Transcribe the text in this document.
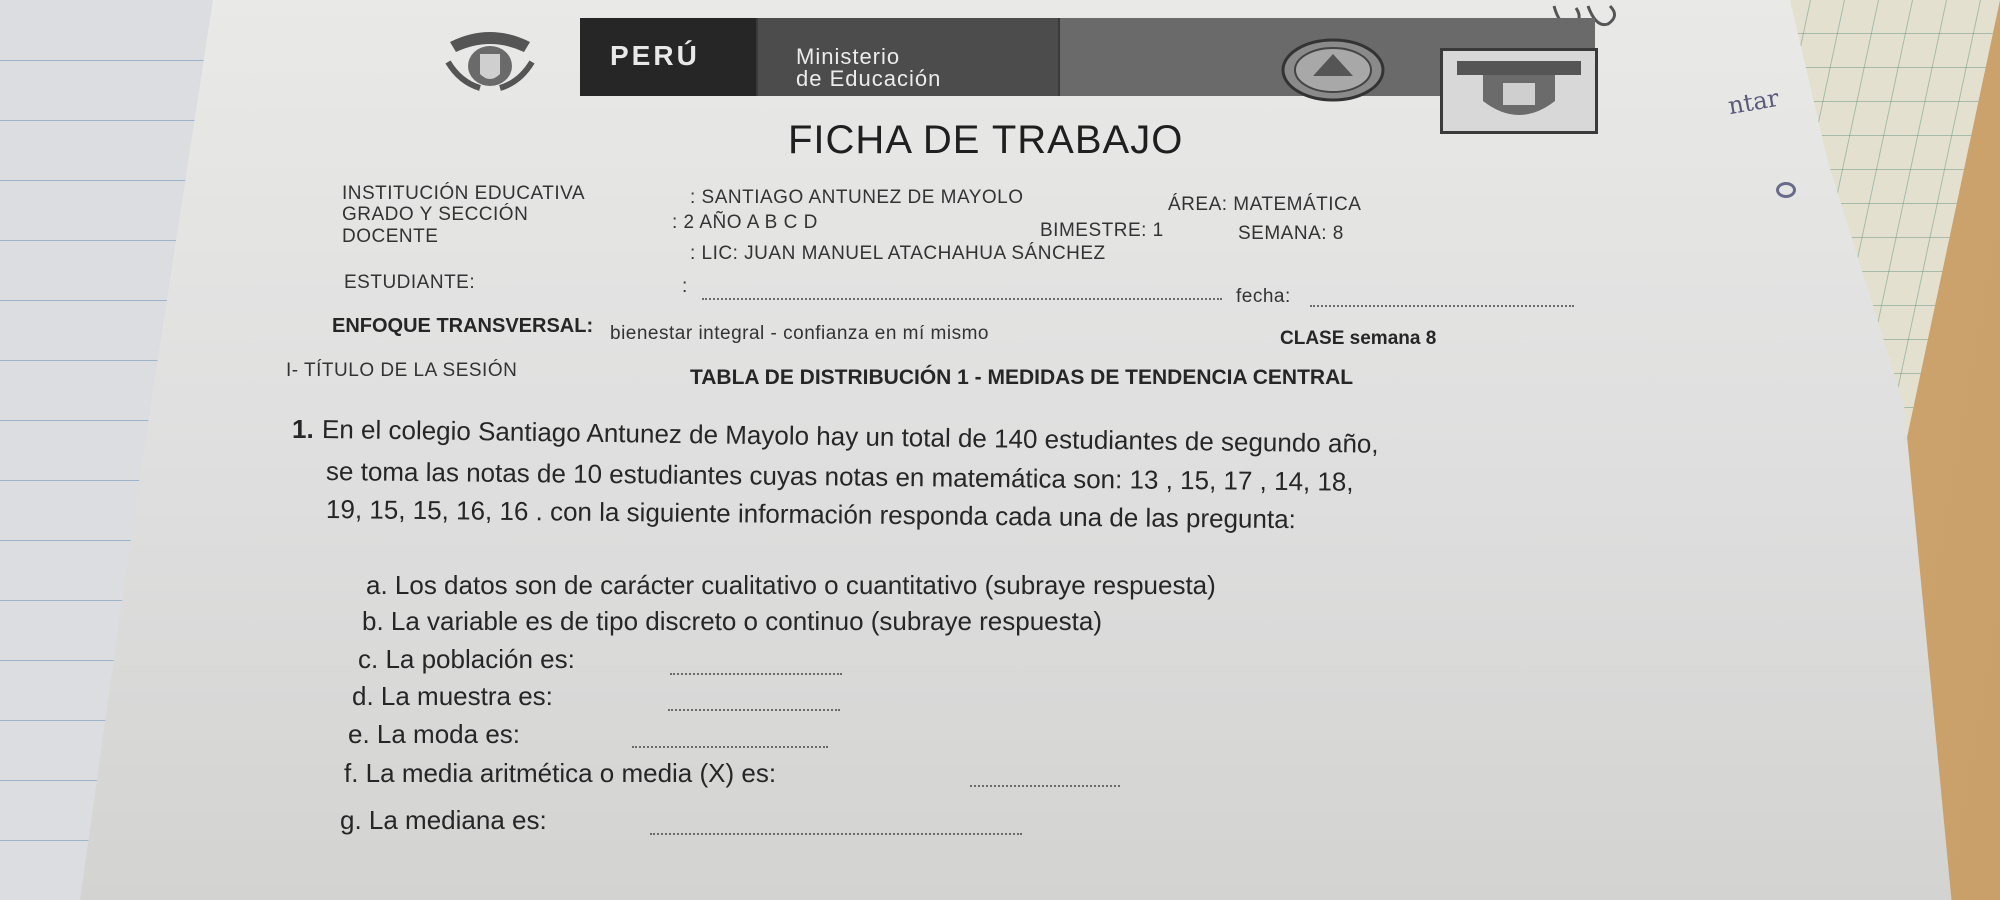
PERÚ	Ministerio
de Educación
ntar
FICHA DE TRABAJO
INSTITUCIÓN EDUCATIVA	: SANTIAGO ANTUNEZ DE MAYOLO	ÁREA: MATEMÁTICA
GRADO Y SECCIÓN	: 2 AÑO A B C D	BIMESTRE: 1	SEMANA: 8
DOCENTE
: LIC: JUAN MANUEL ATACHAHUA SÁNCHEZ
ESTUDIANTE:	:	fecha:
ENFOQUE TRANSVERSAL: bienestar integral - confianza en mí mismo	CLASE semana 8
I- TÍTULO DE LA SESIÓN	TABLA DE DISTRIBUCIÓN 1 - MEDIDAS DE TENDENCIA CENTRAL
1. En el colegio Santiago Antunez de Mayolo hay un total de 140 estudiantes de segundo año,
se toma las notas de 10 estudiantes cuyas notas en matemática son: 13 , 15, 17 , 14, 18,
19, 15, 15, 16, 16 . con la siguiente información responda cada una de las pregunta:
a. Los datos son de carácter cualitativo o cuantitativo (subraye respuesta)
b. La variable es de tipo discreto o continuo (subraye respuesta)
c. La población es:
d. La muestra es:
e. La moda es:
f. La media aritmética o media (X) es:
g. La mediana es:
